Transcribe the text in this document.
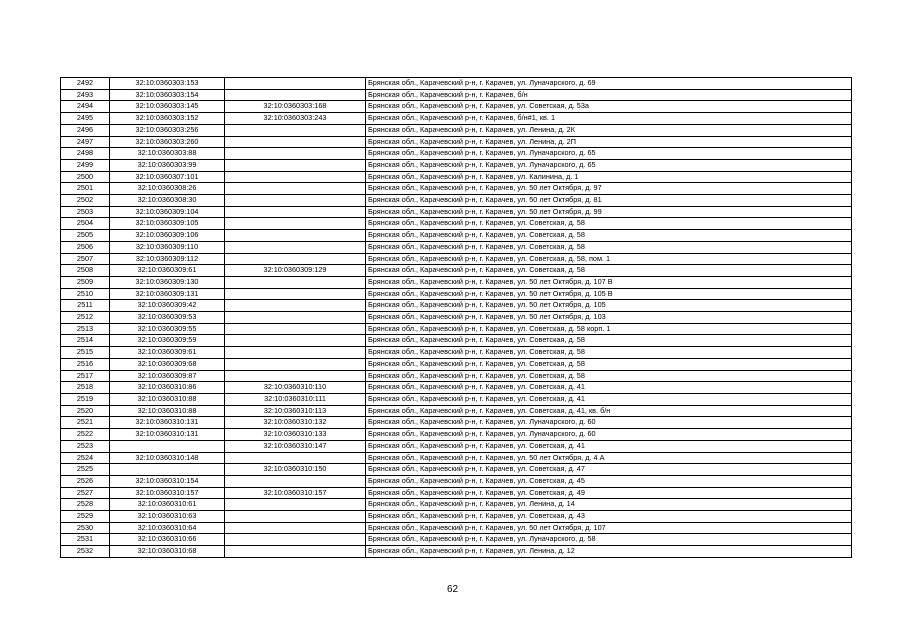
2492	32:10:0360303:153		Брянская обл., Карачевский р-н, г. Карачев, ул. Луначарского, д. 69
2493	32:10:0360303:154		Брянская обл., Карачевский р-н, г. Карачев, б/н
2494	32:10:0360303:145	32:10:0360303:168	Брянская обл., Карачевский р-н, г. Карачев, ул. Советская, д. 53а
2495	32:10:0360303:152	32:10:0360303:243	Брянская обл., Карачевский р-н, г. Карачев, б/н#1, кв. 1
2496	32:10:0360303:256		Брянская обл., Карачевский р-н, г. Карачев, ул. Ленина, д. 2К
2497	32:10:0360303:260		Брянская обл., Карачевский р-н, г. Карачев, ул. Ленина, д. 2П
2498	32:10:0360303:88		Брянская обл., Карачевский р-н, г. Карачев, ул. Луначарского, д. 65
2499	32:10:0360303:99		Брянская обл., Карачевский р-н, г. Карачев, ул. Луначарского, д. 65
2500	32:10:0360307:101		Брянская обл., Карачевский р-н, г. Карачев, ул. Калинина, д. 1
2501	32:10:0360308:26		Брянская обл., Карачевский р-н, г. Карачев, ул. 50 лет Октября, д. 97
2502	32:10:0360308:30		Брянская обл., Карачевский р-н, г. Карачев, ул. 50 лет Октября, д. 81
2503	32:10:0360309:104		Брянская обл., Карачевский р-н, г. Карачев, ул. 50 лет Октября, д. 99
2504	32:10:0360309:105		Брянская обл., Карачевский р-н, г. Карачев, ул. Советская, д. 58
2505	32:10:0360309:106		Брянская обл., Карачевский р-н, г. Карачев, ул. Советская, д. 58
2506	32:10:0360309:110		Брянская обл., Карачевский р-н, г. Карачев, ул. Советская, д. 58
2507	32:10:0360309:112		Брянская обл., Карачевский р-н, г. Карачев, ул. Советская, д. 58, пом. 1
2508	32:10:0360309:61	32:10:0360309:129	Брянская обл., Карачевский р-н, г. Карачев, ул. Советская, д. 58
2509	32:10:0360309:130		Брянская обл., Карачевский р-н, г. Карачев, ул. 50 лет Октября, д. 107 В
2510	32:10:0360309:131		Брянская обл., Карачевский р-н, г. Карачев, ул. 50 лет Октября, д. 105 В
2511	32:10:0360309:42		Брянская обл., Карачевский р-н, г. Карачев, ул. 50 лет Октября, д. 105
2512	32:10:0360309:53		Брянская обл., Карачевский р-н, г. Карачев, ул. 50 лет Октября, д. 103
2513	32:10:0360309:55		Брянская обл., Карачевский р-н, г. Карачев, ул. Советская, д. 58 корп. 1
2514	32:10:0360309:59		Брянская обл., Карачевский р-н, г. Карачев, ул. Советская, д. 58
2515	32:10:0360309:61		Брянская обл., Карачевский р-н, г. Карачев, ул. Советская, д. 58
2516	32:10:0360309:68		Брянская обл., Карачевский р-н, г. Карачев, ул. Советская, д. 58
2517	32:10:0360309:87		Брянская обл., Карачевский р-н, г. Карачев, ул. Советская, д. 58
2518	32:10:0360310:86	32:10:0360310:110	Брянская обл., Карачевский р-н, г. Карачев, ул. Советская, д. 41
2519	32:10:0360310:88	32:10:0360310:111	Брянская обл., Карачевский р-н, г. Карачев, ул. Советская, д. 41
2520	32:10:0360310:88	32:10:0360310:113	Брянская обл., Карачевский р-н, г. Карачев, ул. Советская, д. 41, кв. б/н
2521	32:10:0360310:131	32:10:0360310:132	Брянская обл., Карачевский р-н, г. Карачев, ул. Луначарского, д. 60
2522	32:10:0360310:131	32:10:0360310:133	Брянская обл., Карачевский р-н, г. Карачев, ул. Луначарского, д. 60
2523		32:10:0360310:147	Брянская обл., Карачевский р-н, г. Карачев, ул. Советская, д. 41
2524	32:10:0360310:148		Брянская обл., Карачевский р-н, г. Карачев, ул. 50 лет Октября, д. 4 А
2525		32:10:0360310:150	Брянская обл., Карачевский р-н, г. Карачев, ул. Советская, д. 47
2526	32:10:0360310:154		Брянская обл., Карачевский р-н, г. Карачев, ул. Советская, д. 45
2527	32:10:0360310:157	32:10:0360310:157	Брянская обл., Карачевский р-н, г. Карачев, ул. Советская, д. 49
2528	32:10:0360310:61		Брянская обл., Карачевский р-н, г. Карачев, ул. Ленина, д. 14
2529	32:10:0360310:63		Брянская обл., Карачевский р-н, г. Карачев, ул. Советская, д. 43
2530	32:10:0360310:64		Брянская обл., Карачевский р-н, г. Карачев, ул. 50 лет Октября, д. 107
2531	32:10:0360310:66		Брянская обл., Карачевский р-н, г. Карачев, ул. Луначарского, д. 58
2532	32:10:0360310:68		Брянская обл., Карачевский р-н, г. Карачев, ул. Ленина, д. 12
62
